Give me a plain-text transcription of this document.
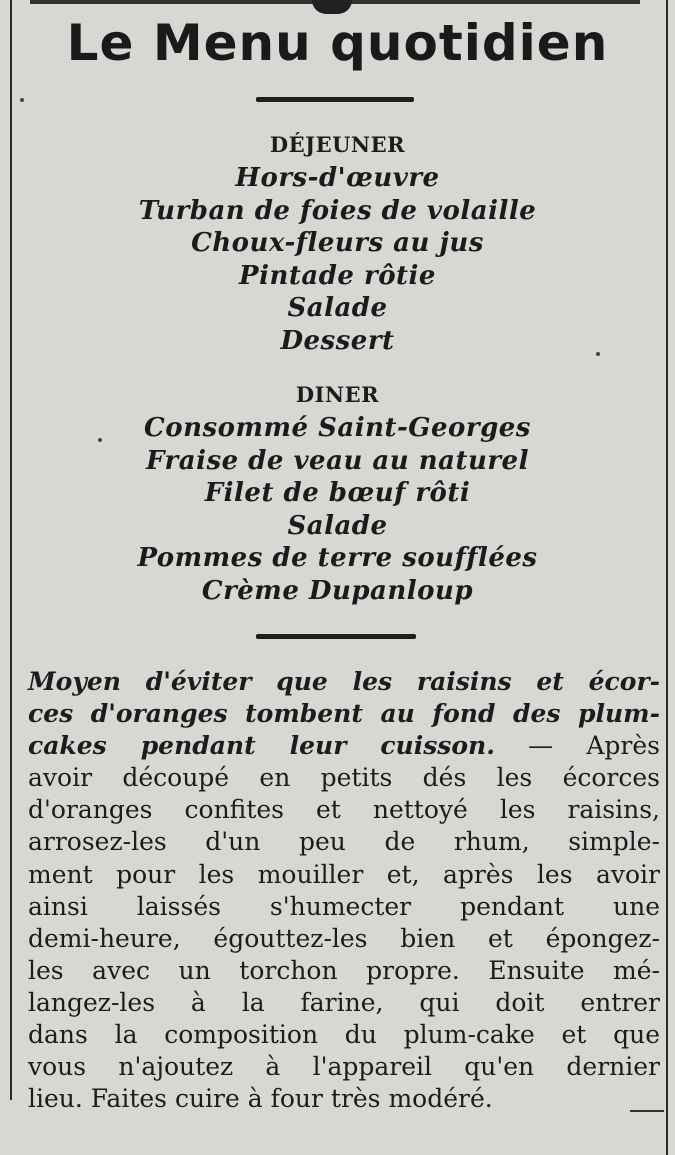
Le Menu quotidien
DÉJEUNER
Hors-d'œuvre
Turban de foies de volaille
Choux-fleurs au jus
Pintade rôtie
Salade
Dessert
DINER
Consommé Saint-Georges
Fraise de veau au naturel
Filet de bœuf rôti
Salade
Pommes de terre soufflées
Crème Dupanloup
Moyen d'éviter que les raisins et écor-
ces d'oranges tombent au fond des plum-
cakes pendant leur cuisson. — Après
avoir découpé en petits dés les écorces
d'oranges confites et nettoyé les raisins,
arrosez-les d'un peu de rhum, simple-
ment pour les mouiller et, après les avoir
ainsi laissés s'humecter pendant une
demi-heure, égouttez-les bien et épongez-
les avec un torchon propre. Ensuite mé-
langez-les à la farine, qui doit entrer
dans la composition du plum-cake et que
vous n'ajoutez à l'appareil qu'en dernier
lieu. Faites cuire à four très modéré.
